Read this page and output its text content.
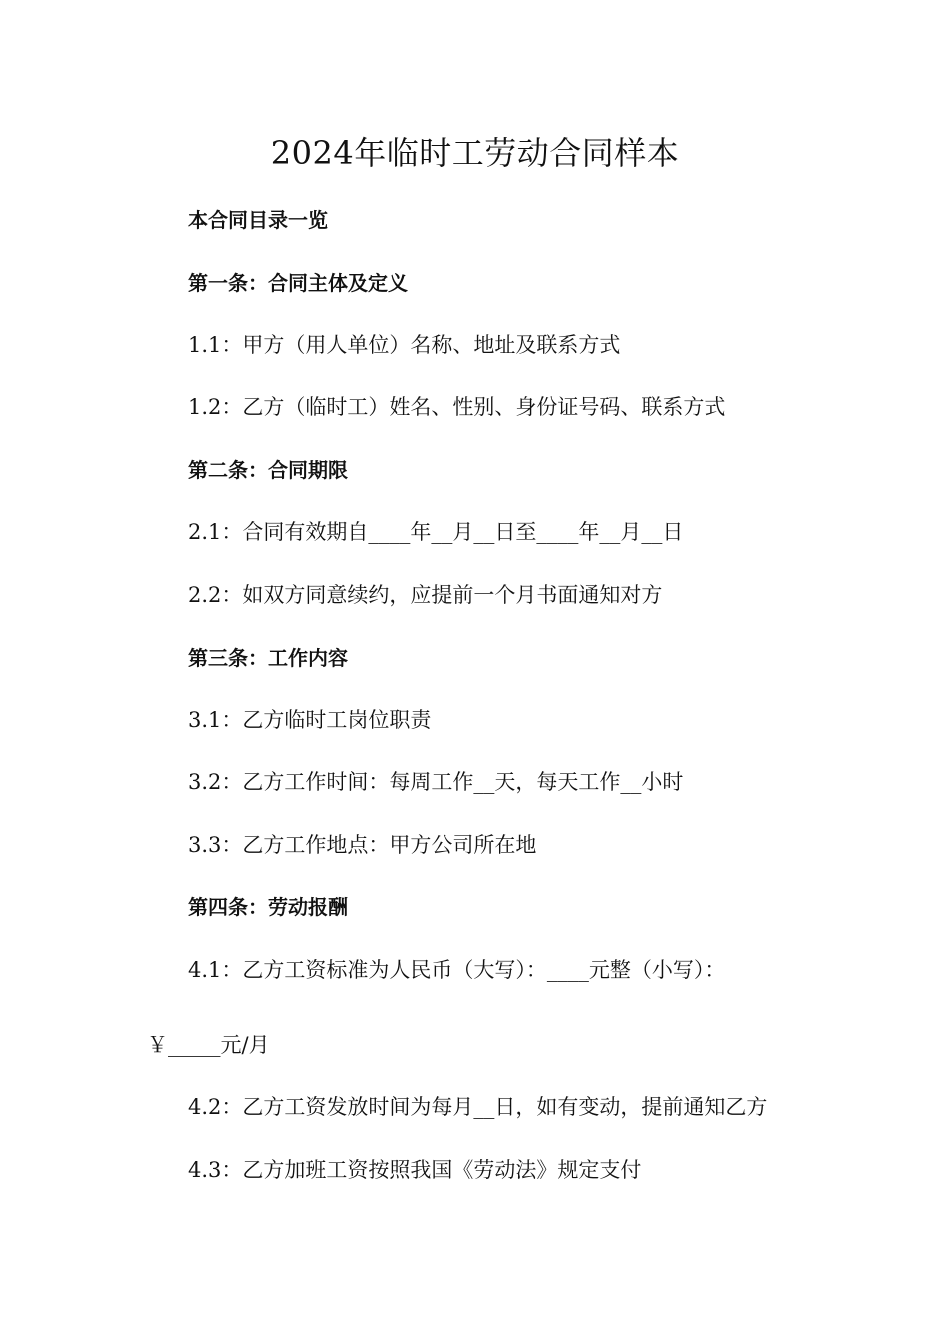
2024年临时工劳动合同样本
本合同目录一览
第一条：合同主体及定义
1.1：甲方（用人单位）名称、地址及联系方式
1.2：乙方（临时工）姓名、性别、身份证号码、联系方式
第二条：合同期限
2.1：合同有效期自____年__月__日至____年__月__日
2.2：如双方同意续约，应提前一个月书面通知对方
第三条：工作内容
3.1：乙方临时工岗位职责
3.2：乙方工作时间：每周工作__天，每天工作__小时
3.3：乙方工作地点：甲方公司所在地
第四条：劳动报酬
4.1：乙方工资标准为人民币（大写）：____元整（小写）：
￥_____元/月
4.2：乙方工资发放时间为每月__日，如有变动，提前通知乙方
4.3：乙方加班工资按照我国《劳动法》规定支付
